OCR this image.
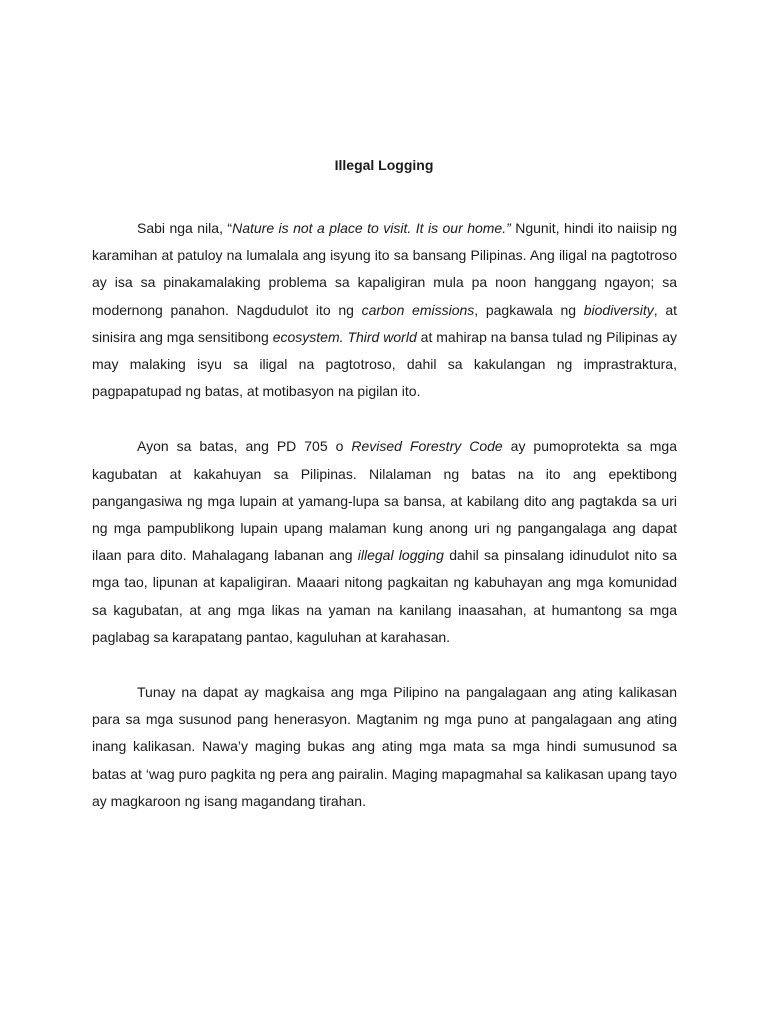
Illegal Logging

Sabi nga nila, “Nature is not a place to visit. It is our home.” Ngunit, hindi ito naiisip ng karamihan at patuloy na lumalala ang isyung ito sa bansang Pilipinas. Ang iligal na pagtotroso ay isa sa pinakamalaking problema sa kapaligiran mula pa noon hanggang ngayon; sa modernong panahon. Nagdudulot ito ng carbon emissions, pagkawala ng biodiversity, at sinisira ang mga sensitibong ecosystem. Third world at mahirap na bansa tulad ng Pilipinas ay may malaking isyu sa iligal na pagtotroso, dahil sa kakulangan ng imprastraktura, pagpapatupad ng batas, at motibasyon na pigilan ito.

Ayon sa batas, ang PD 705 o Revised Forestry Code ay pumoprotekta sa mga kagubatan at kakahuyan sa Pilipinas. Nilalaman ng batas na ito ang epektibong pangangasiwa ng mga lupain at yamang-lupa sa bansa, at kabilang dito ang pagtakda sa uri ng mga pampublikong lupain upang malaman kung anong uri ng pangangalaga ang dapat ilaan para dito. Mahalagang labanan ang illegal logging dahil sa pinsalang idinudulot nito sa mga tao, lipunan at kapaligiran. Maaari nitong pagkaitan ng kabuhayan ang mga komunidad sa kagubatan, at ang mga likas na yaman na kanilang inaasahan, at humantong sa mga paglabag sa karapatang pantao, kaguluhan at karahasan.

Tunay na dapat ay magkaisa ang mga Pilipino na pangalagaan ang ating kalikasan para sa mga susunod pang henerasyon. Magtanim ng mga puno at pangalagaan ang ating inang kalikasan. Nawa’y maging bukas ang ating mga mata sa mga hindi sumusunod sa batas at ‘wag puro pagkita ng pera ang pairalin. Maging mapagmahal sa kalikasan upang tayo ay magkaroon ng isang magandang tirahan.
